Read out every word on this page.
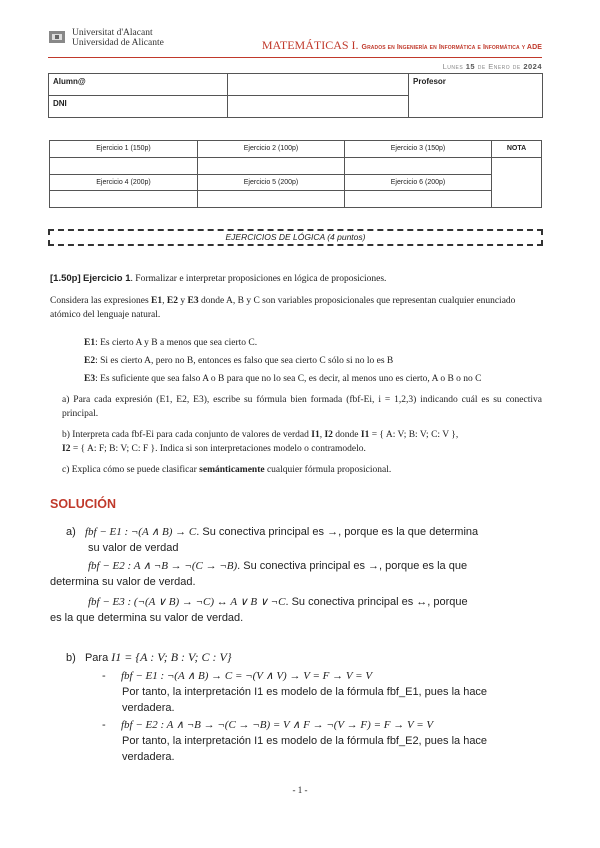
Universitat d'Alacant
Universidad de Alicante	MATEMÁTICAS I. Grados en Ingeniería en Informática e Informática y ADE
Lunes 15 de Enero de 2024
Alumn@		Profesor
DNI		
Ejercicio 1 (150p)	Ejercicio 2 (100p)	Ejercicio 3 (150p)	NOTA

Ejercicio 4 (200p)	Ejercicio 5 (200p)	Ejercicio 6 (200p)	

EJERCICIOS DE LÓGICA (4 puntos)
[1.50p] Ejercicio 1. Formalizar e interpretar proposiciones en lógica de proposiciones.
Considera las expresiones E1, E2 y E3 donde A, B y C son variables proposicionales que representan cualquier enunciado atómico del lenguaje natural.
E1: Es cierto A y B a menos que sea cierto C.
E2: Si es cierto A, pero no B, entonces es falso que sea cierto C sólo si no lo es B
E3: Es suficiente que sea falso A o B para que no lo sea C, es decir, al menos uno es cierto, A o B o no C
a) Para cada expresión (E1, E2, E3), escribe su fórmula bien formada (fbf-Ei, i = 1,2,3) indicando cuál es su conectiva principal.
b) Interpreta cada fbf-Ei para cada conjunto de valores de verdad I1, I2 donde I1 = { A: V; B: V; C: V },
I2 = { A: F; B: V; C: F }. Indica si son interpretaciones modelo o contramodelo.
c) Explica cómo se puede clasificar semánticamente cualquier fórmula proposicional.
SOLUCIÓN
a) fbf − E1 : ¬(A ∧ B) → C. Su conectiva principal es →, porque es la que determina
su valor de verdad
fbf − E2 : A ∧ ¬B → ¬(C → ¬B). Su conectiva principal es →, porque es la que
determina su valor de verdad.
fbf − E3 : (¬(A ∨ B) → ¬C) ↔ A ∨ B ∨ ¬C. Su conectiva principal es ↔, porque
es la que determina su valor de verdad.
b) Para I1 = {A : V; B : V; C : V}
- fbf − E1 : ¬(A ∧ B) → C = ¬(V ∧ V) → V = F → V = V
Por tanto, la interpretación I1 es modelo de la fórmula fbf_E1, pues la hace
verdadera.
- fbf − E2 : A ∧ ¬B → ¬(C → ¬B) = V ∧ F → ¬(V → F) = F → V = V
Por tanto, la interpretación I1 es modelo de la fórmula fbf_E2, pues la hace
verdadera.
- 1 -
